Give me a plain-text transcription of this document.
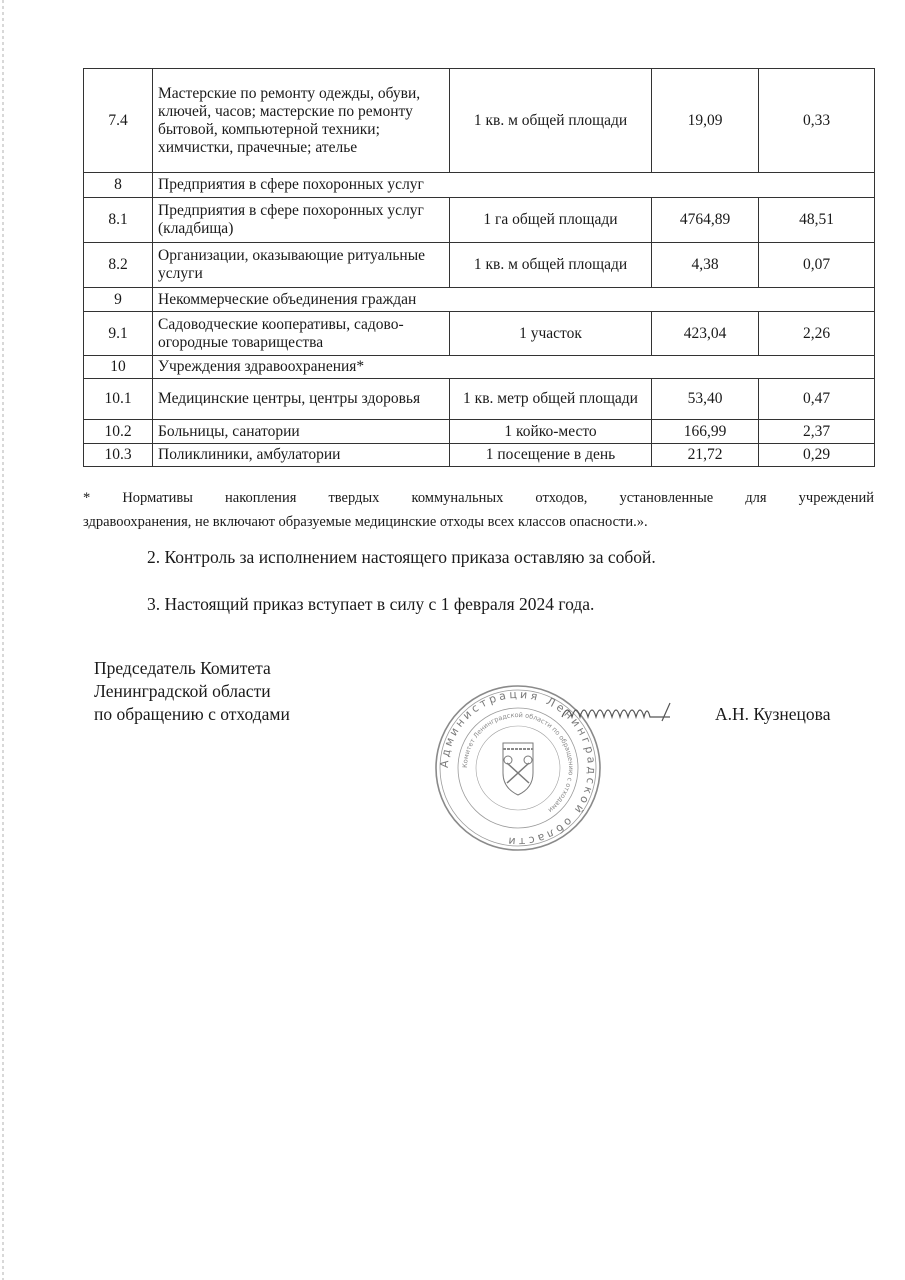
7.4	Мастерские по ремонту одежды, обуви, ключей, часов; мастерские по ремонту бытовой, компьютерной техники; химчистки, прачечные; ателье	1 кв. м общей площади	19,09	0,33
8	Предприятия в сфере похоронных услуг			
8.1	Предприятия в сфере похоронных услуг (кладбища)	1 га общей площади	4764,89	48,51
8.2	Организации, оказывающие ритуальные услуги	1 кв. м общей площади	4,38	0,07
9	Некоммерческие объединения граждан			
9.1	Садоводческие кооперативы, садово-огородные товарищества	1 участок	423,04	2,26
10	Учреждения здравоохранения*			
10.1	Медицинские центры, центры здоровья	1 кв. метр общей площади	53,40	0,47
10.2	Больницы, санатории	1 койко-место	166,99	2,37
10.3	Поликлиники, амбулатории	1 посещение в день	21,72	0,29
* Нормативы накопления твердых коммунальных отходов, установленные для учреждений
здравоохранения, не включают образуемые медицинские отходы всех классов опасности.».
2. Контроль за исполнением настоящего приказа оставляю за собой.
3. Настоящий приказ вступает в силу с 1 февраля 2024 года.
Председатель Комитета
Ленинградской области
по обращению с отходами
Администрация Ленинградской области
Комитет Ленинградской области по обращению с отходами
А.Н. Кузнецова
